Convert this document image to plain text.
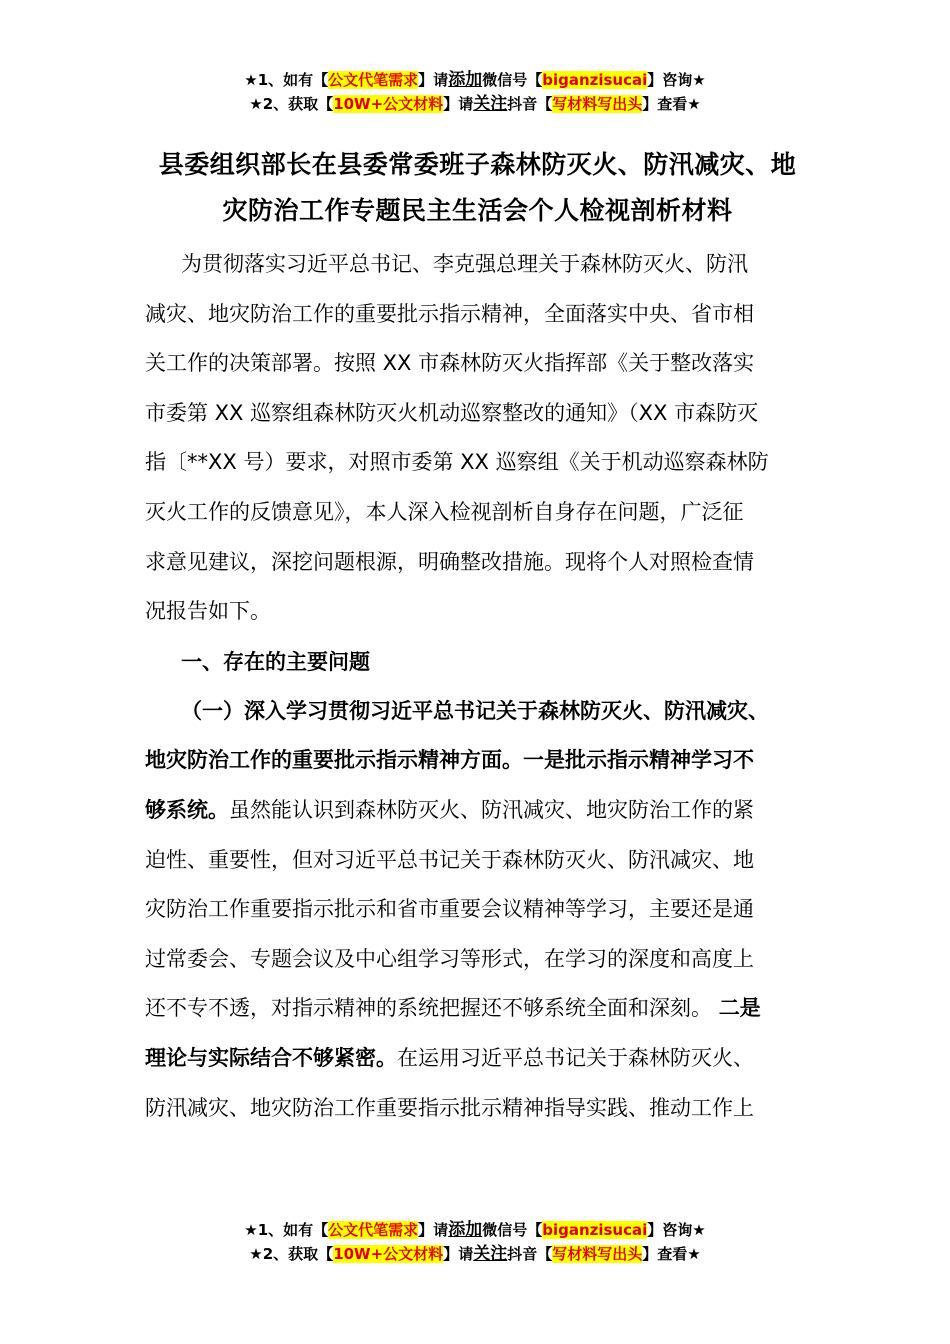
★1、如有【公文代笔需求】请添加微信号【biganzisucai】咨询★
★2、获取【10W+公文材料】请关注抖音【写材料写出头】查看★
县委组织部长在县委常委班子森林防灭火、防汛减灾、地
灾防治工作专题民主生活会个人检视剖析材料

为贯彻落实习近平总书记、李克强总理关于森林防灭火、防汛
减灾、地灾防治工作的重要批示指示精神，全面落实中央、省市相
关工作的决策部署。按照 XX 市森林防灭火指挥部《关于整改落实
市委第 XX 巡察组森林防灭火机动巡察整改的通知》（XX 市森防灭
指〔**XX 号）要求，对照市委第 XX 巡察组《关于机动巡察森林防
灭火工作的反馈意见》，本人深入检视剖析自身存在问题，广泛征
求意见建议，深挖问题根源，明确整改措施。现将个人对照检查情
况报告如下。

一、存在的主要问题

（一）深入学习贯彻习近平总书记关于森林防灭火、防汛减灾、
地灾防治工作的重要批示指示精神方面。一是批示指示精神学习不
够系统。虽然能认识到森林防灭火、防汛减灾、地灾防治工作的紧
迫性、重要性，但对习近平总书记关于森林防灭火、防汛减灾、地
灾防治工作重要指示批示和省市重要会议精神等学习，主要还是通
过常委会、专题会议及中心组学习等形式，在学习的深度和高度上
还不专不透，对指示精神的系统把握还不够系统全面和深刻。 二是
理论与实际结合不够紧密。在运用习近平总书记关于森林防灭火、
防汛减灾、地灾防治工作重要指示批示精神指导实践、推动工作上

★1、如有【公文代笔需求】请添加微信号【biganzisucai】咨询★
★2、获取【10W+公文材料】请关注抖音【写材料写出头】查看★
